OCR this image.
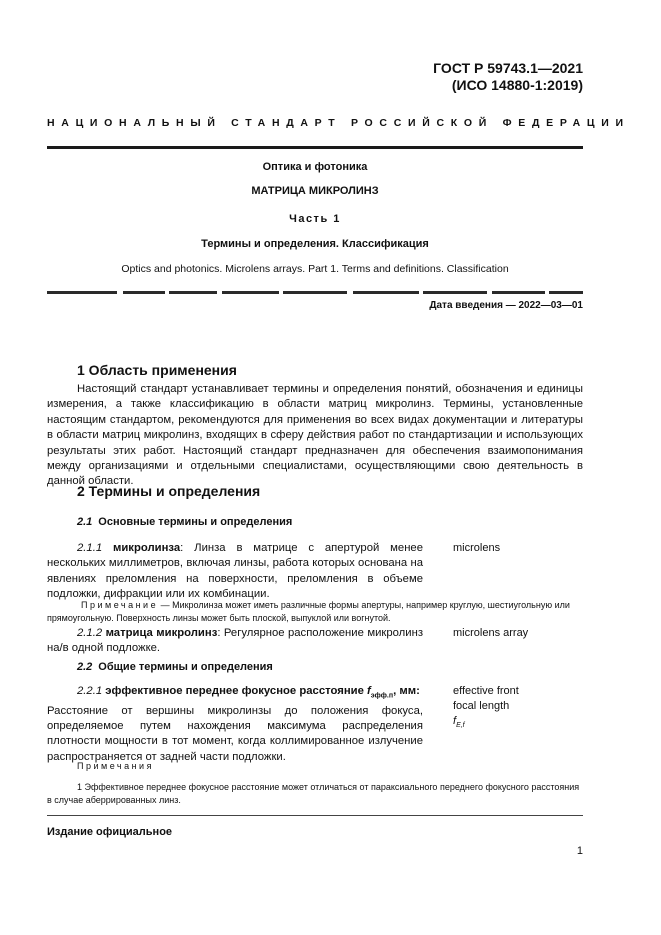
ГОСТ Р 59743.1—2021
(ИСО 14880-1:2019)
НАЦИОНАЛЬНЫЙ СТАНДАРТ РОССИЙСКОЙ ФЕДЕРАЦИИ
Оптика и фотоника
МАТРИЦА МИКРОЛИНЗ
Часть 1
Термины и определения. Классификация
Optics and photonics. Microlens arrays. Part 1. Terms and definitions. Classification
Дата введения — 2022—03—01
1 Область применения
Настоящий стандарт устанавливает термины и определения понятий, обозначения и единицы измерения, а также классификацию в области матриц микролинз. Термины, установленные настоящим стандартом, рекомендуются для применения во всех видах документации и литературы в области матриц микролинз, входящих в сферу действия работ по стандартизации и использующих результаты этих работ. Настоящий стандарт предназначен для обеспечения взаимопонимания между организациями и отдельными специалистами, осуществляющими свою деятельность в данной области.
2 Термины и определения
2.1 Основные термины и определения
2.1.1 микролинза: Линза в матрице с апертурой менее нескольких миллиметров, включая линзы, работа которых основана на явлениях преломления на поверхности, преломления в объеме подложки, дифракции или их комбинации.
microlens
Примечание — Микролинза может иметь различные формы апертуры, например круглую, шестиугольную или прямоугольную. Поверхность линзы может быть плоской, выпуклой или вогнутой.
2.1.2 матрица микролинз: Регулярное расположение микролинз на/в одной подложке.
microlens array
2.2 Общие термины и определения
2.2.1 эффективное переднее фокусное расстояние $f_{эфф.п}$, мм:
Расстояние от вершины микролинзы до положения фокуса, определяемое путем нахождения максимума распределения плотности мощности в тот момент, когда коллимированное излучение распространяется от задней части подложки.
effective front
focal length
$f_{E,f}$
Примечания
1 Эффективное переднее фокусное расстояние может отличаться от параксиального переднего фокусного расстояния в случае аберрированных линз.
Издание официальное
1
